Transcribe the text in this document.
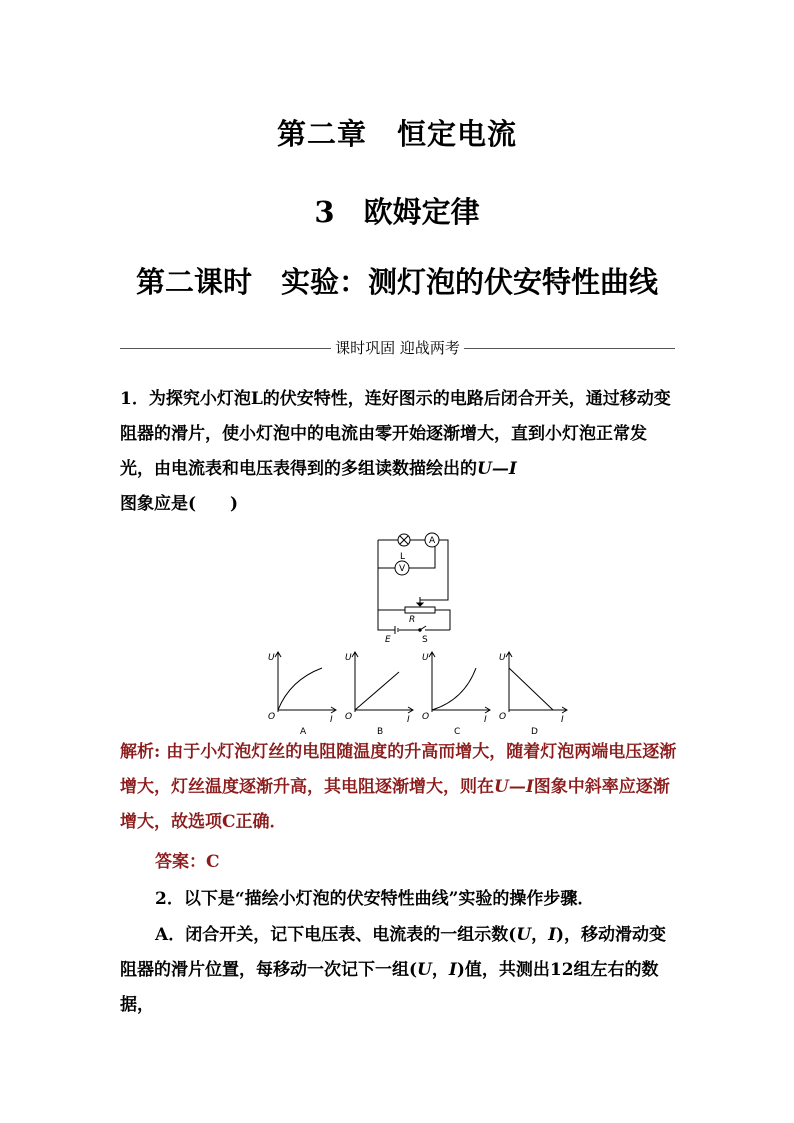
第二章　恒定电流
3　欧姆定律
第二课时　实验：测灯泡的伏安特性曲线
课时巩固 迎战两考
1．为探究小灯泡L的伏安特性，连好图示的电路后闭合开关，通过移动变阻器的滑片，使小灯泡中的电流由零开始逐渐增大，直到小灯泡正常发光，由电流表和电压表得到的多组读数描绘出的U—I
图象应是(　　)
L
A
V
R
E	S
U
O	I
A
U
O	I
B
U
O	I
C
U
O	I
D
解析: 由于小灯泡灯丝的电阻随温度的升高而增大，随着灯泡两端电压逐渐增大，灯丝温度逐渐升高，其电阻逐渐增大，则在U—I图象中斜率应逐渐增大，故选项C正确．
答案：C
2．以下是“描绘小灯泡的伏安特性曲线”实验的操作步骤．
A．闭合开关，记下电压表、电流表的一组示数(U，I)，移动滑动变阻器的滑片位置，每移动一次记下一组(U，I)值，共测出12组左右的数据，
